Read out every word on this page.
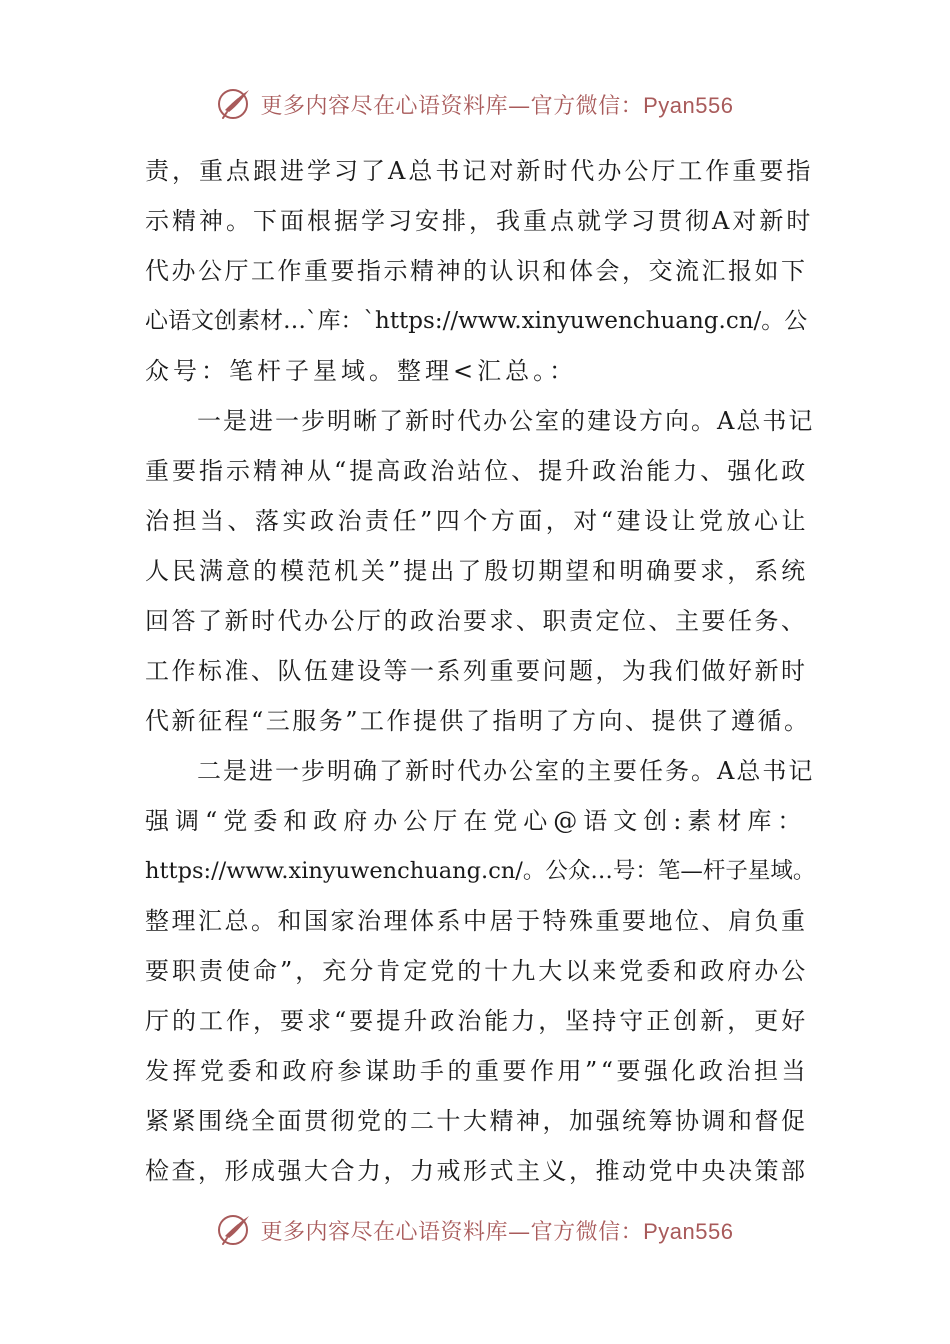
更多内容尽在心语资料库—官方微信：Pyan556
责，重点跟进学习了A总书记对新时代办公厅工作重要指
示精神。下面根据学习安排，我重点就学习贯彻A对新时
代办公厅工作重要指示精神的认识和体会，交流汇报如下
心语文创素材…`库：`https://www.xinyuwenchuang.cn/。公
众号：笔杆子星域。整理<汇总。：
一是进一步明晰了新时代办公室的建设方向。A总书记
重要指示精神从“提高政治站位、提升政治能力、强化政
治担当、落实政治责任”四个方面，对“建设让党放心让
人民满意的模范机关”提出了殷切期望和明确要求，系统
回答了新时代办公厅的政治要求、职责定位、主要任务、
工作标准、队伍建设等一系列重要问题，为我们做好新时
代新征程“三服务”工作提供了指明了方向、提供了遵循。
二是进一步明确了新时代办公室的主要任务。A总书记
强调“党委和政府办公厅在党心@语文创:素材库：
https://www.xinyuwenchuang.cn/。公众…号：笔—杆子星域。
整理汇总。和国家治理体系中居于特殊重要地位、肩负重
要职责使命”，充分肯定党的十九大以来党委和政府办公
厅的工作，要求“要提升政治能力，坚持守正创新，更好
发挥党委和政府参谋助手的重要作用”“要强化政治担当
紧紧围绕全面贯彻党的二十大精神，加强统筹协调和督促
检查，形成强大合力，力戒形式主义，推动党中央决策部
更多内容尽在心语资料库—官方微信：Pyan556
